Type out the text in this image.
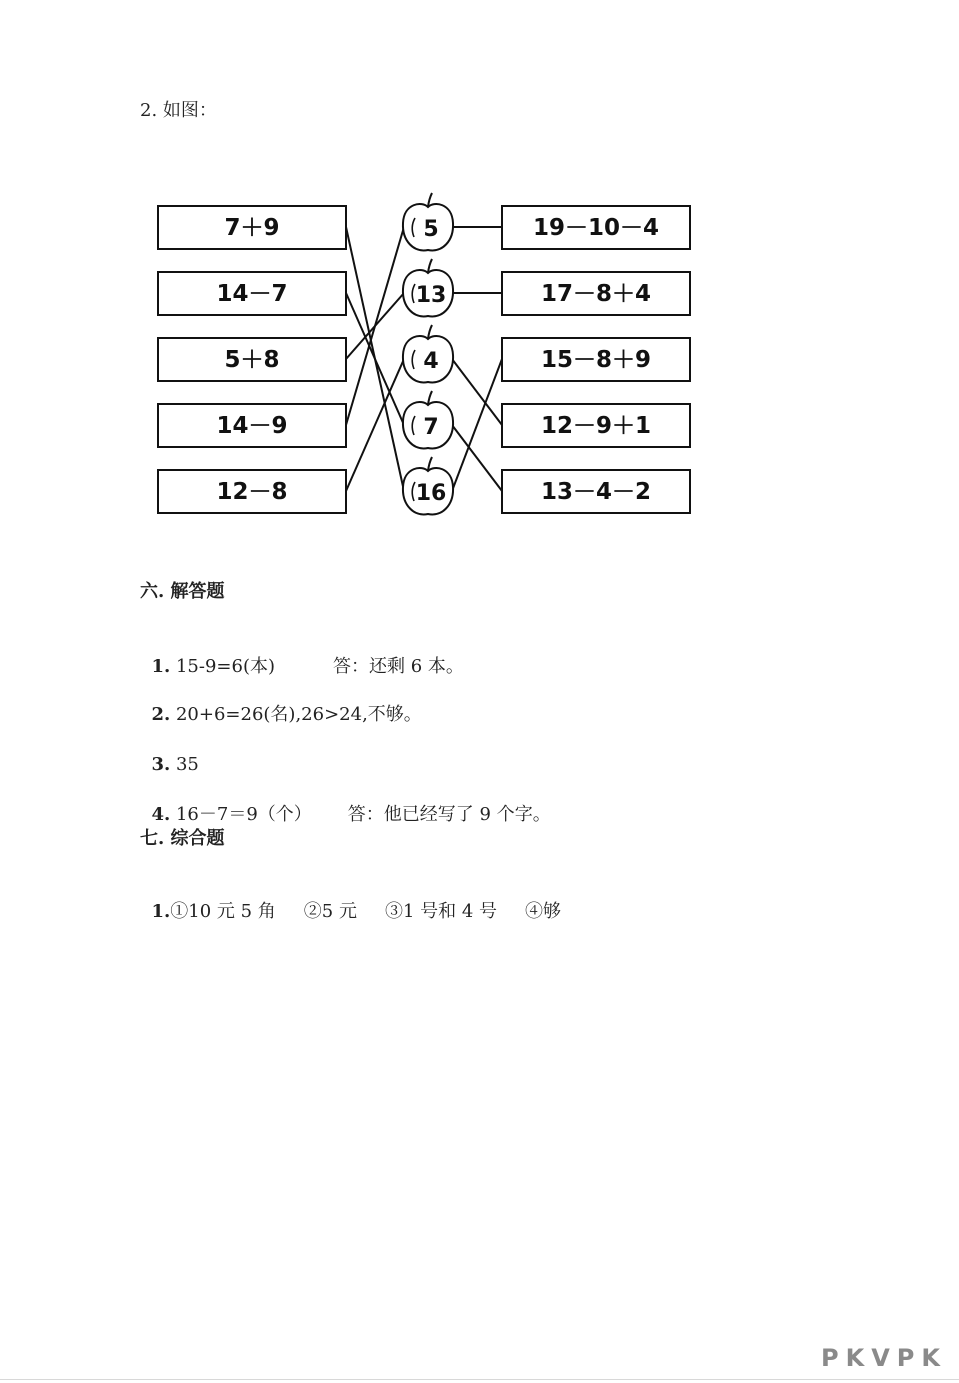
2. 如图：
7＋9
14－7
5＋8
14－9
12－8
19－10－4
17－8＋4
15－8＋9
12－9＋1
13－4－2
5
13
4
7
16
六. 解答题

1. 15-9=6(本)	答：还剩 6 本。

2. 20+6=26(名),26>24,不够。

3. 35

4. 16－7＝9（个） 答：他已经写了 9 个字。

七. 综合题

1.①10 元 5 角 ②5 元 ③1 号和 4 号 ④够

PKVPK
